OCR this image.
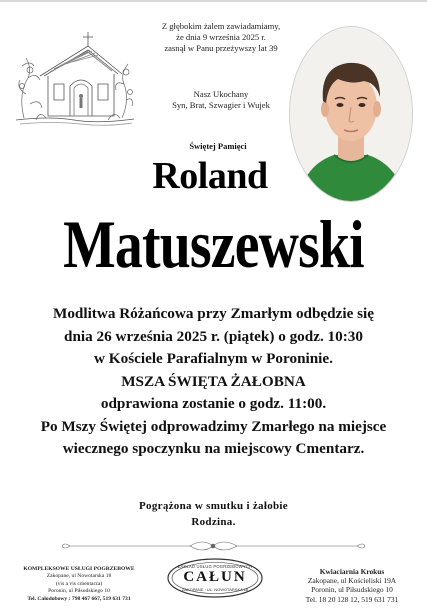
Z głębokim żalem zawiadamiamy,
że dnia 9 września 2025 r.
zasnął w Panu przeżywszy lat 39
Nasz Ukochany
Syn, Brat, Szwagier i Wujek
Świętej Pamięci
Roland
Matuszewski
Modlitwa Różańcowa przy Zmarłym odbędzie się
dnia 26 września 2025 r. (piątek) o godz. 10:30
w Kościele Parafialnym w Poroninie.
MSZA ŚWIĘTA ŻAŁOBNA
odprawiona zostanie o godz. 11:00.
Po Mszy Świętej odprowadzimy Zmarłego na miejsce
wiecznego spoczynku na miejscowy Cmentarz.
Pogrążona w smutku i żałobie
Rodzina.
KOMPLEKSOWE USŁUGI POGRZEBOWE
Zakopane, ul Nowotarska 18
(vis a vis cmentarza)
Poronin, ul Piłsudskiego 10
Tel. Całodobowy : 798 467 667, 519 631 731
ZAKŁAD USŁUG POGRZEBOWYCH
CAŁUN
ZAKOPANE · UL. NOWOTARSKA 18
Kwiaciarnia Krokus
Zakopane, ul Kościeliski 19A
Poronin, ul Piłsudskiego 10
Tel. 18 20 128 12, 519 631 731
